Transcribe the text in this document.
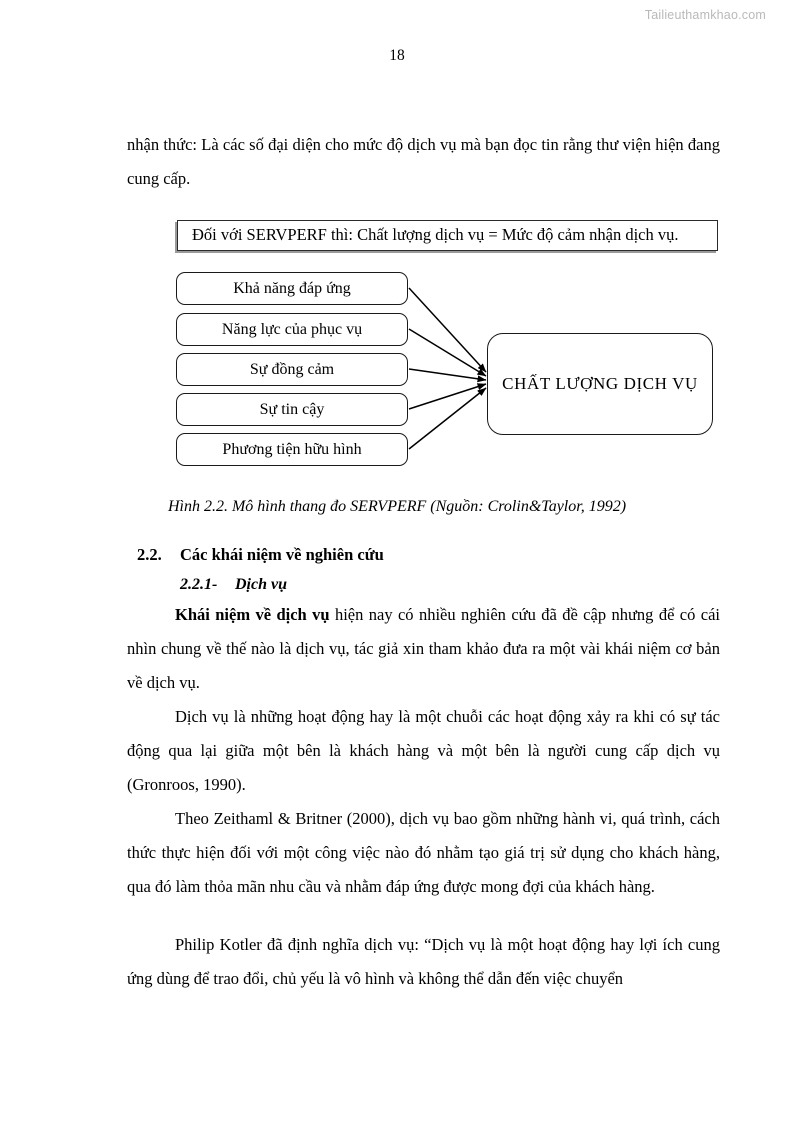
Tailieuthamkhao.com
18
nhận thức: Là các số đại diện cho mức độ dịch vụ mà bạn đọc tin rằng thư viện hiện đang cung cấp.
Đối với SERVPERF thì: Chất lượng dịch vụ = Mức độ cảm nhận dịch vụ.
Khả năng đáp ứng
Năng lực của phục vụ
Sự đồng cảm
Sự tin cậy
Phương tiện hữu hình
CHẤT LƯỢNG DỊCH VỤ
Hình 2.2. Mô hình thang đo SERVPERF (Nguồn: Crolin&Taylor, 1992)
2.2. Các khái niệm về nghiên cứu
2.2.1- Dịch vụ
Khái niệm về dịch vụ hiện nay có nhiều nghiên cứu đã đề cập nhưng để có cái nhìn chung về thế nào là dịch vụ, tác giả xin tham khảo đưa ra một vài khái niệm cơ bản về dịch vụ.
Dịch vụ là những hoạt động hay là một chuỗi các hoạt động xảy ra khi có sự tác động qua lại giữa một bên là khách hàng và một bên là người cung cấp dịch vụ (Gronroos, 1990).
Theo Zeithaml & Britner (2000), dịch vụ bao gồm những hành vi, quá trình, cách thức thực hiện đối với một công việc nào đó nhằm tạo giá trị sử dụng cho khách hàng, qua đó làm thỏa mãn nhu cầu và nhằm đáp ứng được mong đợi của khách hàng.
Philip Kotler đã định nghĩa dịch vụ: “Dịch vụ là một hoạt động hay lợi ích cung ứng dùng để trao đổi, chủ yếu là vô hình và không thể dẫn đến việc chuyển
